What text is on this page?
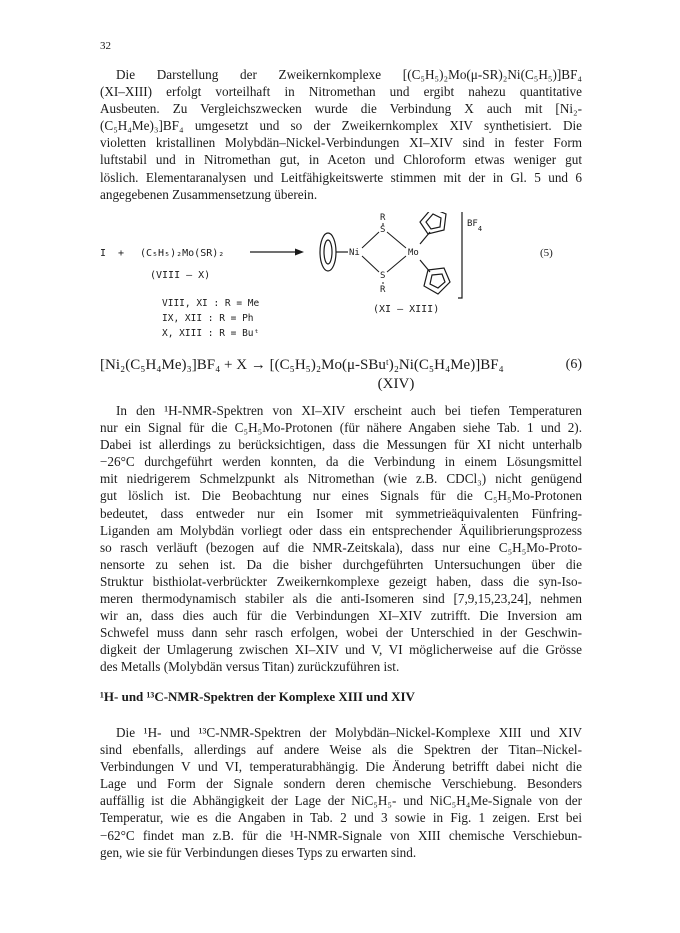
32

Die Darstellung der Zweikernkomplexe [(C₅H₅)₂Mo(μ-SR)₂Ni(C₅H₅)]BF₄
(XI–XIII) erfolgt vorteilhaft in Nitromethan und ergibt nahezu quantitative
Ausbeuten. Zu Vergleichszwecken wurde die Verbindung X auch mit [Ni₂-
(C₅H₄Me)₃]BF₄ umgesetzt und so der Zweikernkomplex XIV synthetisiert. Die
violetten kristallinen Molybdän–Nickel-Verbindungen XI–XIV sind in fester Form
luftstabil und in Nitromethan gut, in Aceton und Chloroform etwas weniger gut
löslich. Elementaranalysen und Leitfähigkeitswerte stimmen mit der in Gl. 5 und 6
angegebenen Zusammensetzung überein.

I + (C₅H₅)₂Mo(SR)₂
(VIII – X)
Ni	Mo
S
S
R
R
$BF_4$
(5)
(XI – XIII)
VIII, XI : R = Me
IX, XII : R = Ph
X, XIII : R = Buᵗ
[Ni₂(C₅H₄Me)₃]BF₄ + X → [(C₅H₅)₂Mo(μ-SBuᵗ)₂Ni(C₅H₄Me)]BF₄	(6)
(XIV)

In den ¹H-NMR-Spektren von XI–XIV erscheint auch bei tiefen Temperaturen
nur ein Signal für die C₅H₅Mo-Protonen (für nähere Angaben siehe Tab. 1 und 2).
Dabei ist allerdings zu berücksichtigen, dass die Messungen für XI nicht unterhalb
−26°C durchgeführt werden konnten, da die Verbindung in einem Lösungsmittel
mit niedrigerem Schmelzpunkt als Nitromethan (wie z.B. CDCl₃) nicht genügend
gut löslich ist. Die Beobachtung nur eines Signals für die C₅H₅Mo-Protonen
bedeutet, dass entweder nur ein Isomer mit symmetrieäquivalenten Fünfring-
Liganden am Molybdän vorliegt oder dass ein entsprechender Äquilibrierungsprozess
so rasch verläuft (bezogen auf die NMR-Zeitskala), dass nur eine C₅H₅Mo-Proto-
nensorte zu sehen ist. Da die bisher durchgeführten Untersuchungen über die
Struktur bisthiolat-verbrückter Zweikernkomplexe gezeigt haben, dass die syn-Iso-
meren thermodynamisch stabiler als die anti-Isomeren sind [7,9,15,23,24], nehmen
wir an, dass dies auch für die Verbindungen XI–XIV zutrifft. Die Inversion am
Schwefel muss dann sehr rasch erfolgen, wobei der Unterschied in der Geschwin-
digkeit der Umlagerung zwischen XI–XIV und V, VI möglicherweise auf die Grösse
des Metalls (Molybdän versus Titan) zurückzuführen ist.

¹H- und ¹³C-NMR-Spektren der Komplexe XIII und XIV

Die ¹H- und ¹³C-NMR-Spektren der Molybdän–Nickel-Komplexe XIII und XIV
sind ebenfalls, allerdings auf andere Weise als die Spektren der Titan–Nickel-
Verbindungen V und VI, temperaturabhängig. Die Änderung betrifft dabei nicht die
Lage und Form der Signale sondern deren chemische Verschiebung. Besonders
auffällig ist die Abhängigkeit der Lage der NiC₅H₅- und NiC₅H₄Me-Signale von der
Temperatur, wie es die Angaben in Tab. 2 und 3 sowie in Fig. 1 zeigen. Erst bei
−62°C findet man z.B. für die ¹H-NMR-Signale von XIII chemische Verschiebun-
gen, wie sie für Verbindungen dieses Typs zu erwarten sind.
